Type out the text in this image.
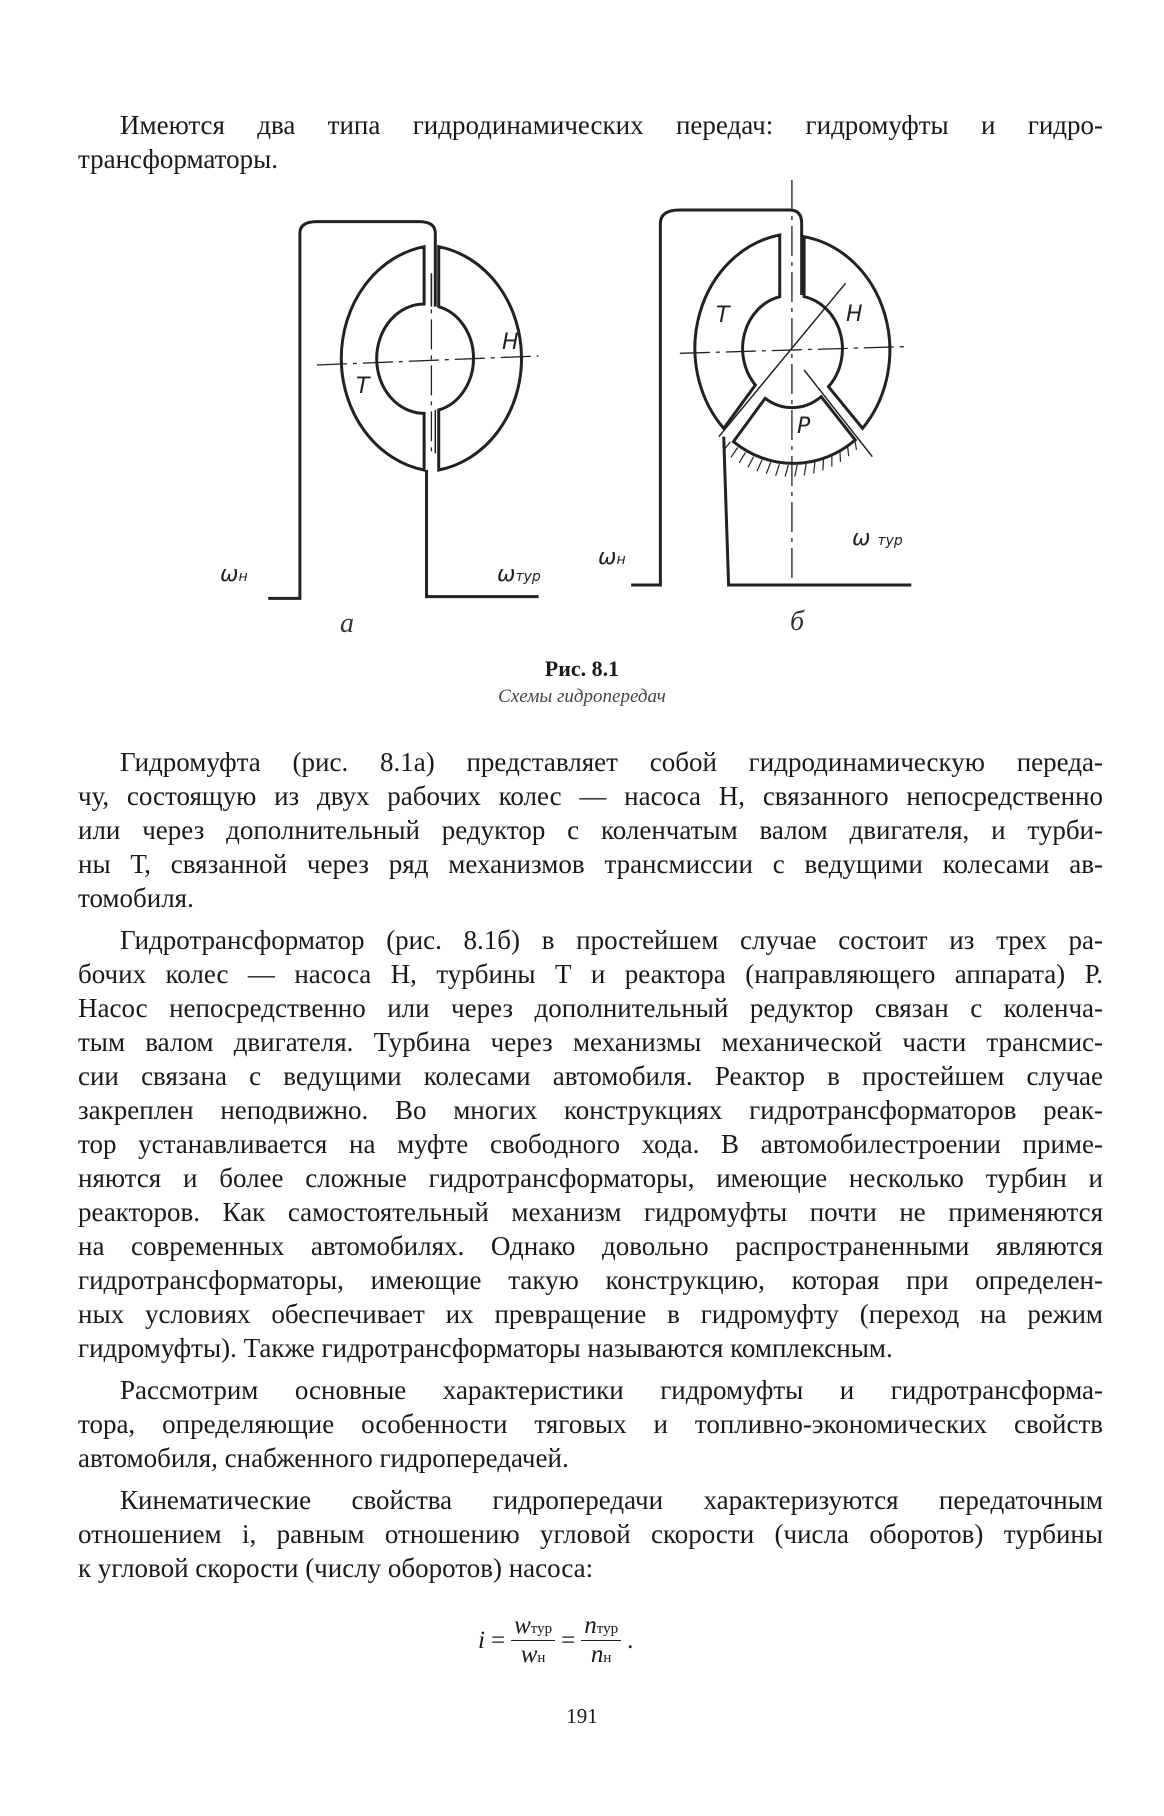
Имеются два типа гидродинамических передач: гидромуфты и гидро-
трансформаторы.
Н
Т
ωн	ωтур
а
Т	Н
Р
ωн
ω тур
б
Рис. 8.1
Схемы гидропередач
Гидромуфта (рис. 8.1а) представляет собой гидродинамическую переда-
чу, состоящую из двух рабочих колес — насоса Н, связанного непосредственно
или через дополнительный редуктор с коленчатым валом двигателя, и турби-
ны Т, связанной через ряд механизмов трансмиссии с ведущими колесами ав-
томобиля.
Гидротрансформатор (рис. 8.1б) в простейшем случае состоит из трех ра-
бочих колес — насоса Н, турбины Т и реактора (направляющего аппарата) Р.
Насос непосредственно или через дополнительный редуктор связан с коленча-
тым валом двигателя. Турбина через механизмы механической части трансмис-
сии связана с ведущими колесами автомобиля. Реактор в простейшем случае
закреплен неподвижно. Во многих конструкциях гидротрансформаторов реак-
тор устанавливается на муфте свободного хода. В автомобилестроении приме-
няются и более сложные гидротрансформаторы, имеющие несколько турбин и
реакторов. Как самостоятельный механизм гидромуфты почти не применяются
на современных автомобилях. Однако довольно распространенными являются
гидротрансформаторы, имеющие такую конструкцию, которая при определен-
ных условиях обеспечивает их превращение в гидромуфту (переход на режим
гидромуфты). Также гидротрансформаторы называются комплексным.
Рассмотрим основные характеристики гидромуфты и гидротрансформа-
тора, определяющие особенности тяговых и топливно-экономических свойств
автомобиля, снабженного гидропередачей.
Кинематические свойства гидропередачи характеризуются передаточным
отношением i, равным отношению угловой скорости (числа оборотов) турбины
к угловой скорости (числу оборотов) насоса:
$i = \frac{\text{wтур}}{wн} = \frac{\text{nтур}}{nн}$ .
191
